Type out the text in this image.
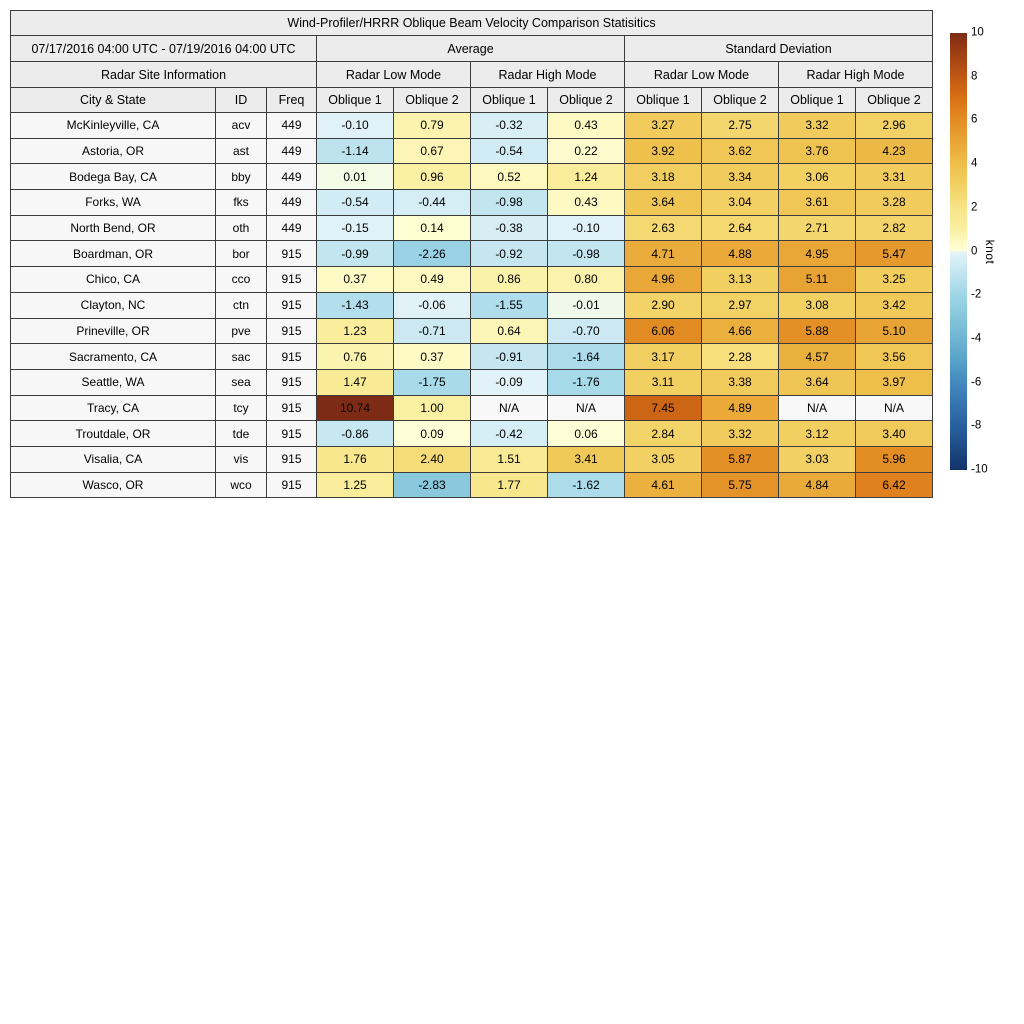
Wind-Profiler/HRRR Oblique Beam Velocity Comparison Statisitics										
07/17/2016 04:00 UTC - 07/19/2016 04:00 UTC			Average				Standard Deviation			
Radar Site Information			Radar Low Mode		Radar High Mode		Radar Low Mode		Radar High Mode	
City & State	ID	Freq	Oblique 1	Oblique 2	Oblique 1	Oblique 2	Oblique 1	Oblique 2	Oblique 1	Oblique 2
McKinleyville, CA	acv	449	-0.10	0.79	-0.32	0.43	3.27	2.75	3.32	2.96
Astoria, OR	ast	449	-1.14	0.67	-0.54	0.22	3.92	3.62	3.76	4.23
Bodega Bay, CA	bby	449	0.01	0.96	0.52	1.24	3.18	3.34	3.06	3.31
Forks, WA	fks	449	-0.54	-0.44	-0.98	0.43	3.64	3.04	3.61	3.28
North Bend, OR	oth	449	-0.15	0.14	-0.38	-0.10	2.63	2.64	2.71	2.82
Boardman, OR	bor	915	-0.99	-2.26	-0.92	-0.98	4.71	4.88	4.95	5.47
Chico, CA	cco	915	0.37	0.49	0.86	0.80	4.96	3.13	5.11	3.25
Clayton, NC	ctn	915	-1.43	-0.06	-1.55	-0.01	2.90	2.97	3.08	3.42
Prineville, OR	pve	915	1.23	-0.71	0.64	-0.70	6.06	4.66	5.88	5.10
Sacramento, CA	sac	915	0.76	0.37	-0.91	-1.64	3.17	2.28	4.57	3.56
Seattle, WA	sea	915	1.47	-1.75	-0.09	-1.76	3.11	3.38	3.64	3.97
Tracy, CA	tcy	915	10.74	1.00	N/A	N/A	7.45	4.89	N/A	N/A
Troutdale, OR	tde	915	-0.86	0.09	-0.42	0.06	2.84	3.32	3.12	3.40
Visalia, CA	vis	915	1.76	2.40	1.51	3.41	3.05	5.87	3.03	5.96
Wasco, OR	wco	915	1.25	-2.83	1.77	-1.62	4.61	5.75	4.84	6.42
10
8
6
4
2
0
-2
-4
-6
-8
-10
knot
